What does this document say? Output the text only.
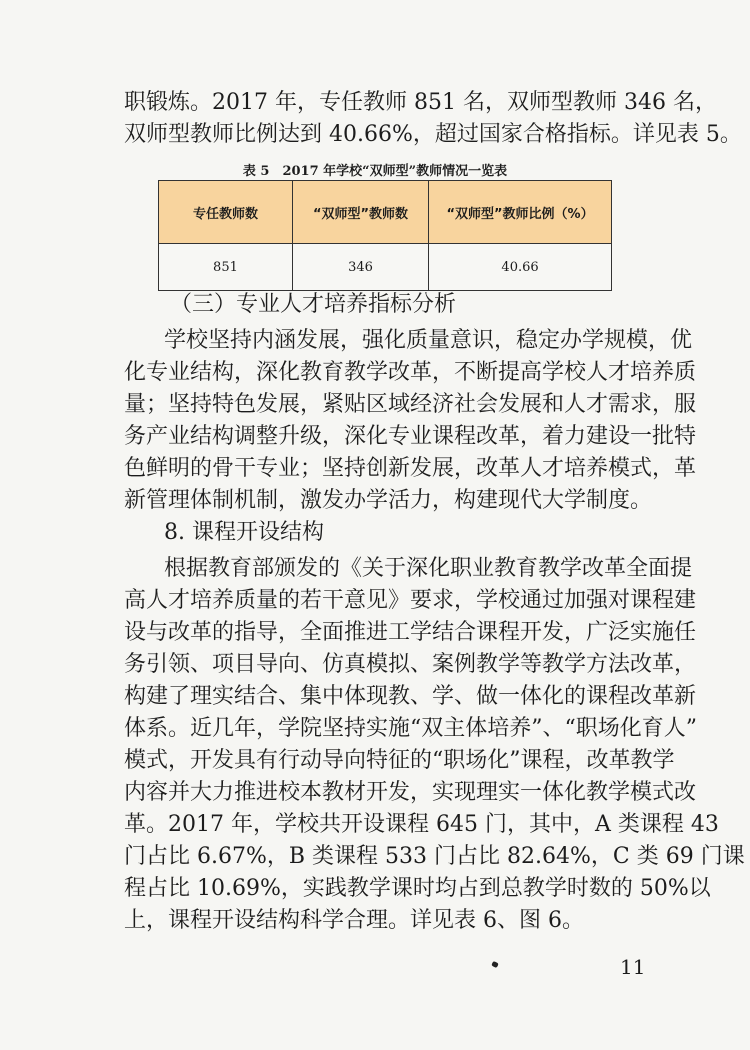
职锻炼。2017 年，专任教师 851 名，双师型教师 346 名，
双师型教师比例达到 40.66%，超过国家合格指标。详见表 5。
表 5　2017 年学校“双师型”教师情况一览表
专任教师数	“双师型”教师数	“双师型”教师比例（%）
851	346	40.66
（三）专业人才培养指标分析
学校坚持内涵发展，强化质量意识，稳定办学规模，优
化专业结构，深化教育教学改革，不断提高学校人才培养质
量；坚持特色发展，紧贴区域经济社会发展和人才需求，服
务产业结构调整升级，深化专业课程改革，着力建设一批特
色鲜明的骨干专业；坚持创新发展，改革人才培养模式，革
新管理体制机制，激发办学活力，构建现代大学制度。
8. 课程开设结构
根据教育部颁发的《关于深化职业教育教学改革全面提
高人才培养质量的若干意见》要求，学校通过加强对课程建
设与改革的指导，全面推进工学结合课程开发，广泛实施任
务引领、项目导向、仿真模拟、案例教学等教学方法改革，
构建了理实结合、集中体现教、学、做一体化的课程改革新
体系。近几年，学院坚持实施“双主体培养”、“职场化育人”
模式，开发具有行动导向特征的“职场化”课程，改革教学
内容并大力推进校本教材开发，实现理实一体化教学模式改
革。2017 年，学校共开设课程 645 门，其中，A 类课程 43
门占比 6.67%，B 类课程 533 门占比 82.64%，C 类 69 门课
程占比 10.69%，实践教学课时均占到总教学时数的 50%以
上，课程开设结构科学合理。详见表 6、图 6。
11
